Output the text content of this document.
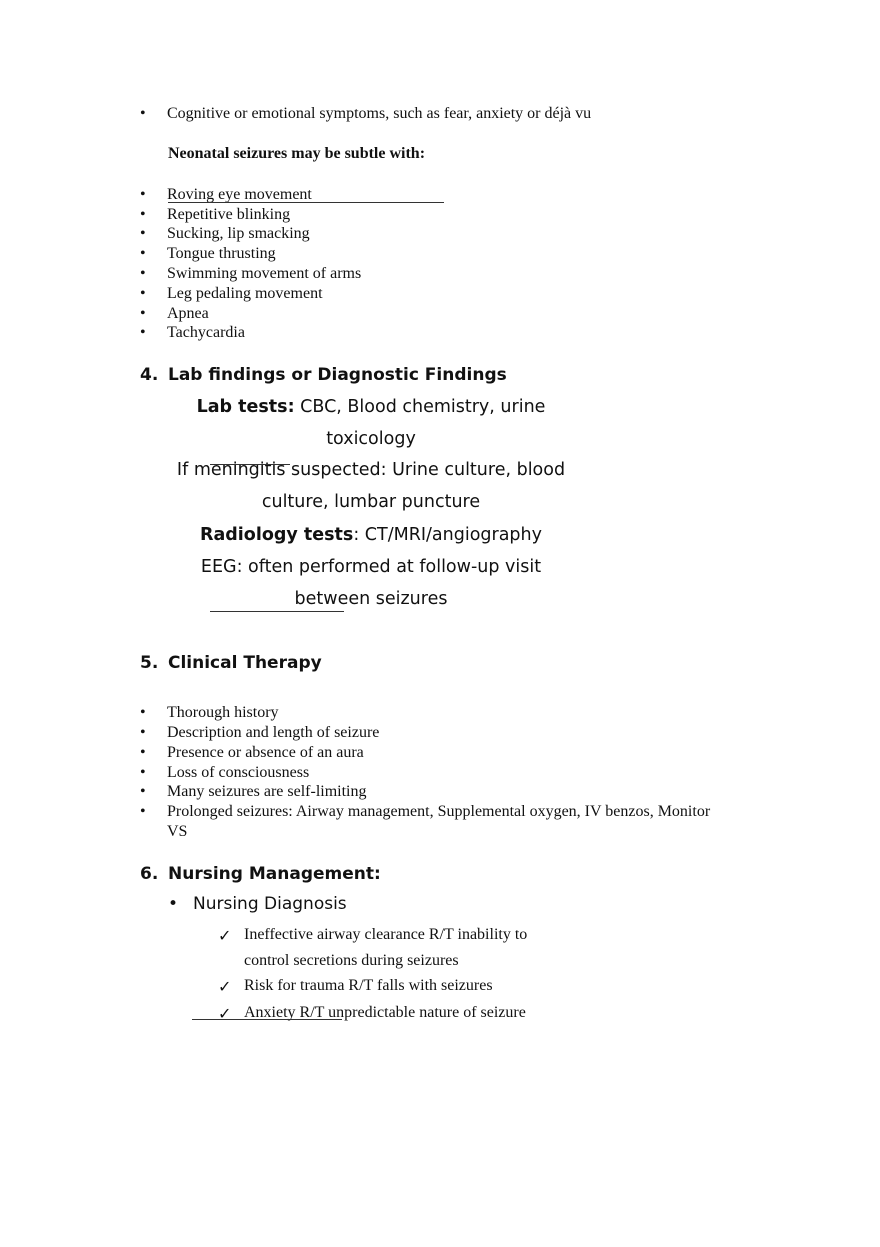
• Cognitive or emotional symptoms, such as fear, anxiety or déjà vu
Neonatal seizures may be subtle with:
• Roving eye movement
• Repetitive blinking
• Sucking, lip smacking
• Tongue thrusting
• Swimming movement of arms
• Leg pedaling movement
• Apnea
• Tachycardia
4. Lab findings or Diagnostic Findings
Lab tests: CBC, Blood chemistry, urine
toxicology
If meningitis suspected: Urine culture, blood
culture, lumbar puncture
Radiology tests: CT/MRI/angiography
EEG: often performed at follow-up visit
between seizures
5. Clinical Therapy
• Thorough history
• Description and length of seizure
• Presence or absence of an aura
• Loss of consciousness
• Many seizures are self-limiting
• Prolonged seizures: Airway management, Supplemental oxygen, IV benzos, Monitor
VS
6. Nursing Management:
• Nursing Diagnosis
✓ Ineffective airway clearance R/T inability to
control secretions during seizures
✓ Risk for trauma R/T falls with seizures
✓ Anxiety R/T unpredictable nature of seizure
